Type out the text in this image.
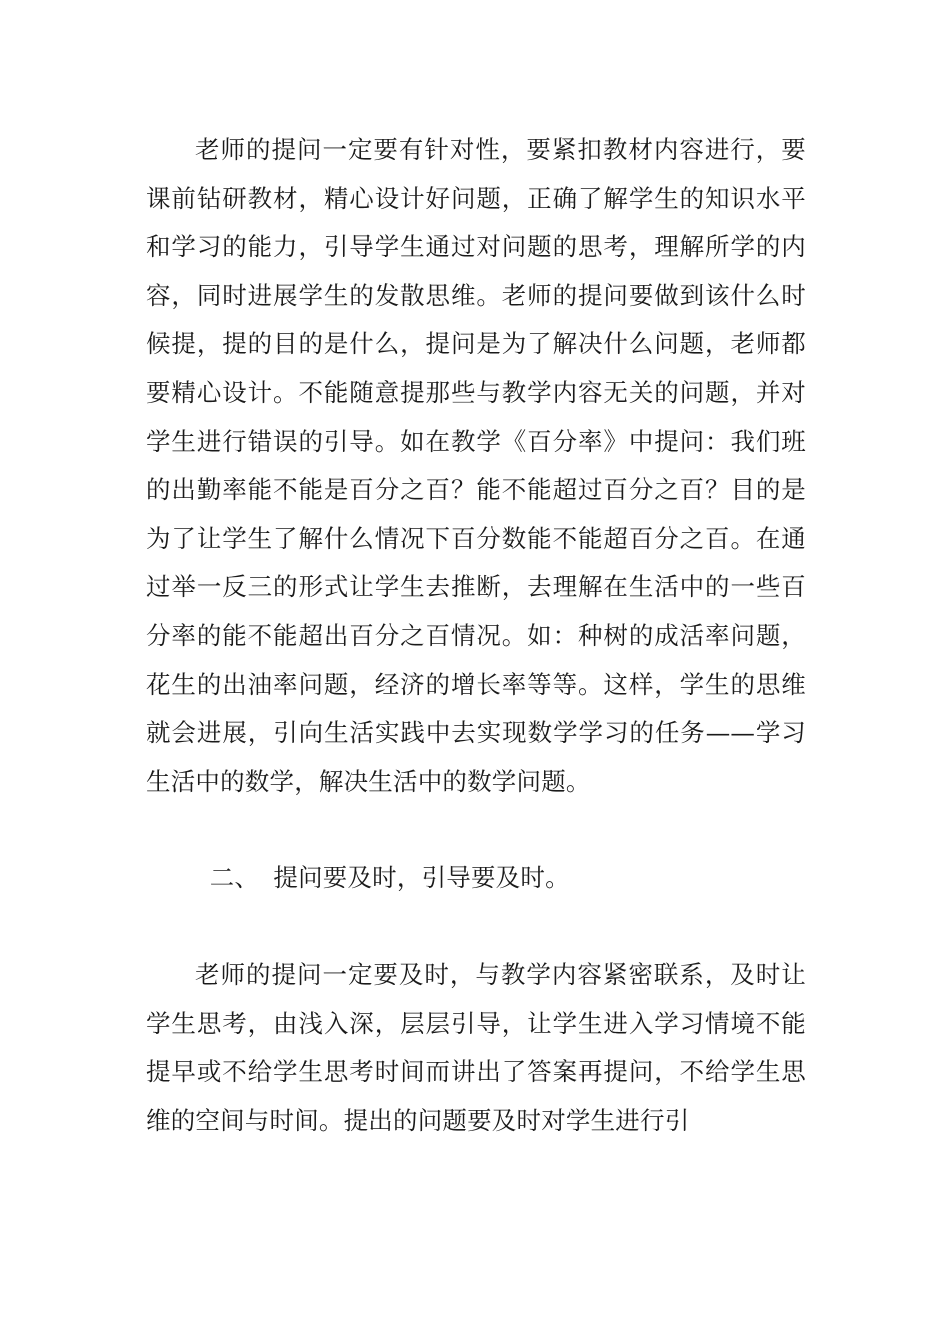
老师的提问一定要有针对性，要紧扣教材内容进行，要课前钻研教材，精心设计好问题，正确了解学生的知识水平和学习的能力，引导学生通过对问题的思考，理解所学的内容，同时进展学生的发散思维。老师的提问要做到该什么时候提，提的目的是什么，提问是为了解决什么问题，老师都要精心设计。不能随意提那些与教学内容无关的问题，并对学生进行错误的引导。如在教学《百分率》中提问：我们班的出勤率能不能是百分之百？能不能超过百分之百？目的是为了让学生了解什么情况下百分数能不能超百分之百。在通过举一反三的形式让学生去推断，去理解在生活中的一些百分率的能不能超出百分之百情况。如：种树的成活率问题，花生的出油率问题，经济的增长率等等。这样，学生的思维就会进展，引向生活实践中去实现数学学习的任务——学习生活中的数学，解决生活中的数学问题。

二、 提问要及时，引导要及时。

老师的提问一定要及时，与教学内容紧密联系，及时让学生思考，由浅入深，层层引导，让学生进入学习情境不能提早或不给学生思考时间而讲出了答案再提问，不给学生思维的空间与时间。提出的问题要及时对学生进行引
